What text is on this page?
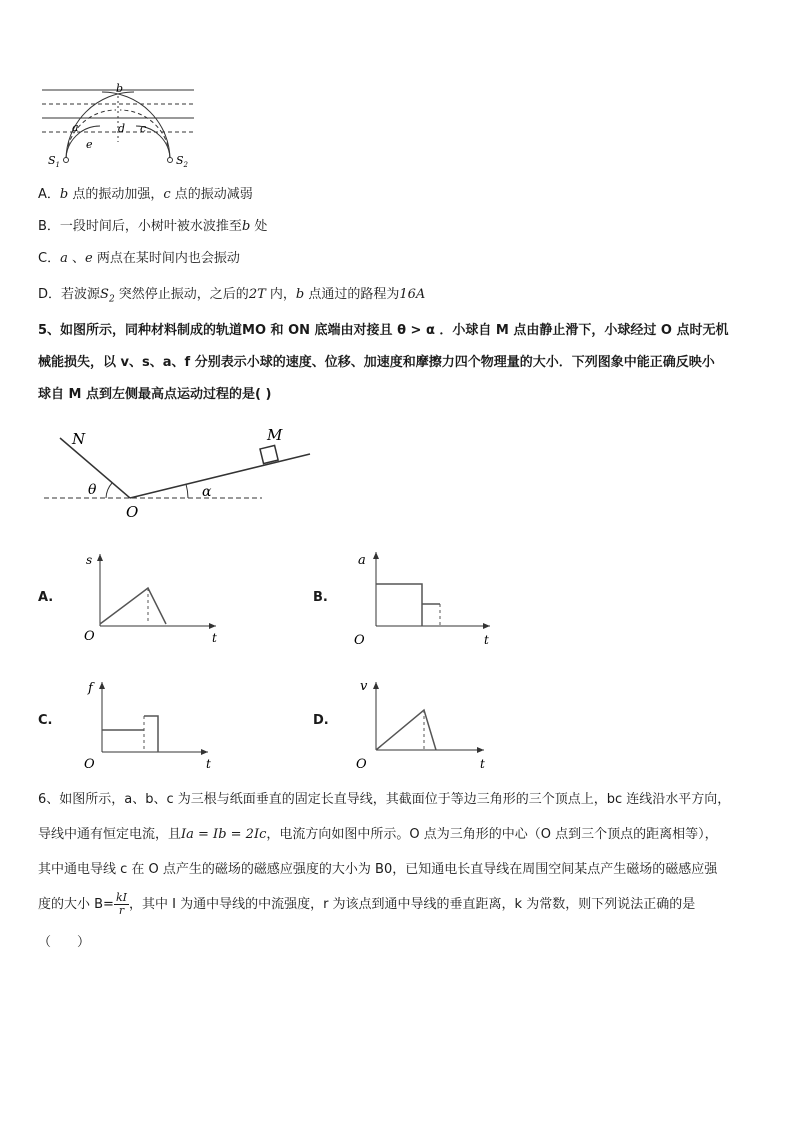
b
a	d c
e
$S_1$	$S_2$
A．b 点的振动加强，c 点的振动减弱
B．一段时间后，小树叶被水波推至b 处
C．a 、e 两点在某时间内也会振动
D．若波源$S_2$ 突然停止振动，之后的2T 内，b 点通过的路程为16A
5、如图所示，同种材料制成的轨道MO 和 ON 底端由对接且 θ > α ．小球自 M 点由静止滑下，小球经过 O 点时无机
械能损失，以 v、s、a、f 分别表示小球的速度、位移、加速度和摩擦力四个物理量的大小．下列图象中能正确反映小
球自 M 点到左侧最高点运动过程的是( )
N	M
O
θ	α
A.
s
t
O
B.
a
t
O
C.
f
t
O
D.
v
t
O
6、如图所示，a、b、c 为三根与纸面垂直的固定长直导线，其截面位于等边三角形的三个顶点上，bc 连线沿水平方向，
导线中通有恒定电流，且Ia = Ib = 2Ic，电流方向如图中所示。O 点为三角形的中心（O 点到三个顶点的距离相等），
其中通电导线 c 在 O 点产生的磁场的磁感应强度的大小为 B0，已知通电长直导线在周围空间某点产生磁场的磁感应强
度的大小 $B= \frac{kI}{r}$ ，其中 I 为通中导线的中流强度，r 为该点到通中导线的垂直距离，k 为常数，则下列说法正确的是
（　　）
